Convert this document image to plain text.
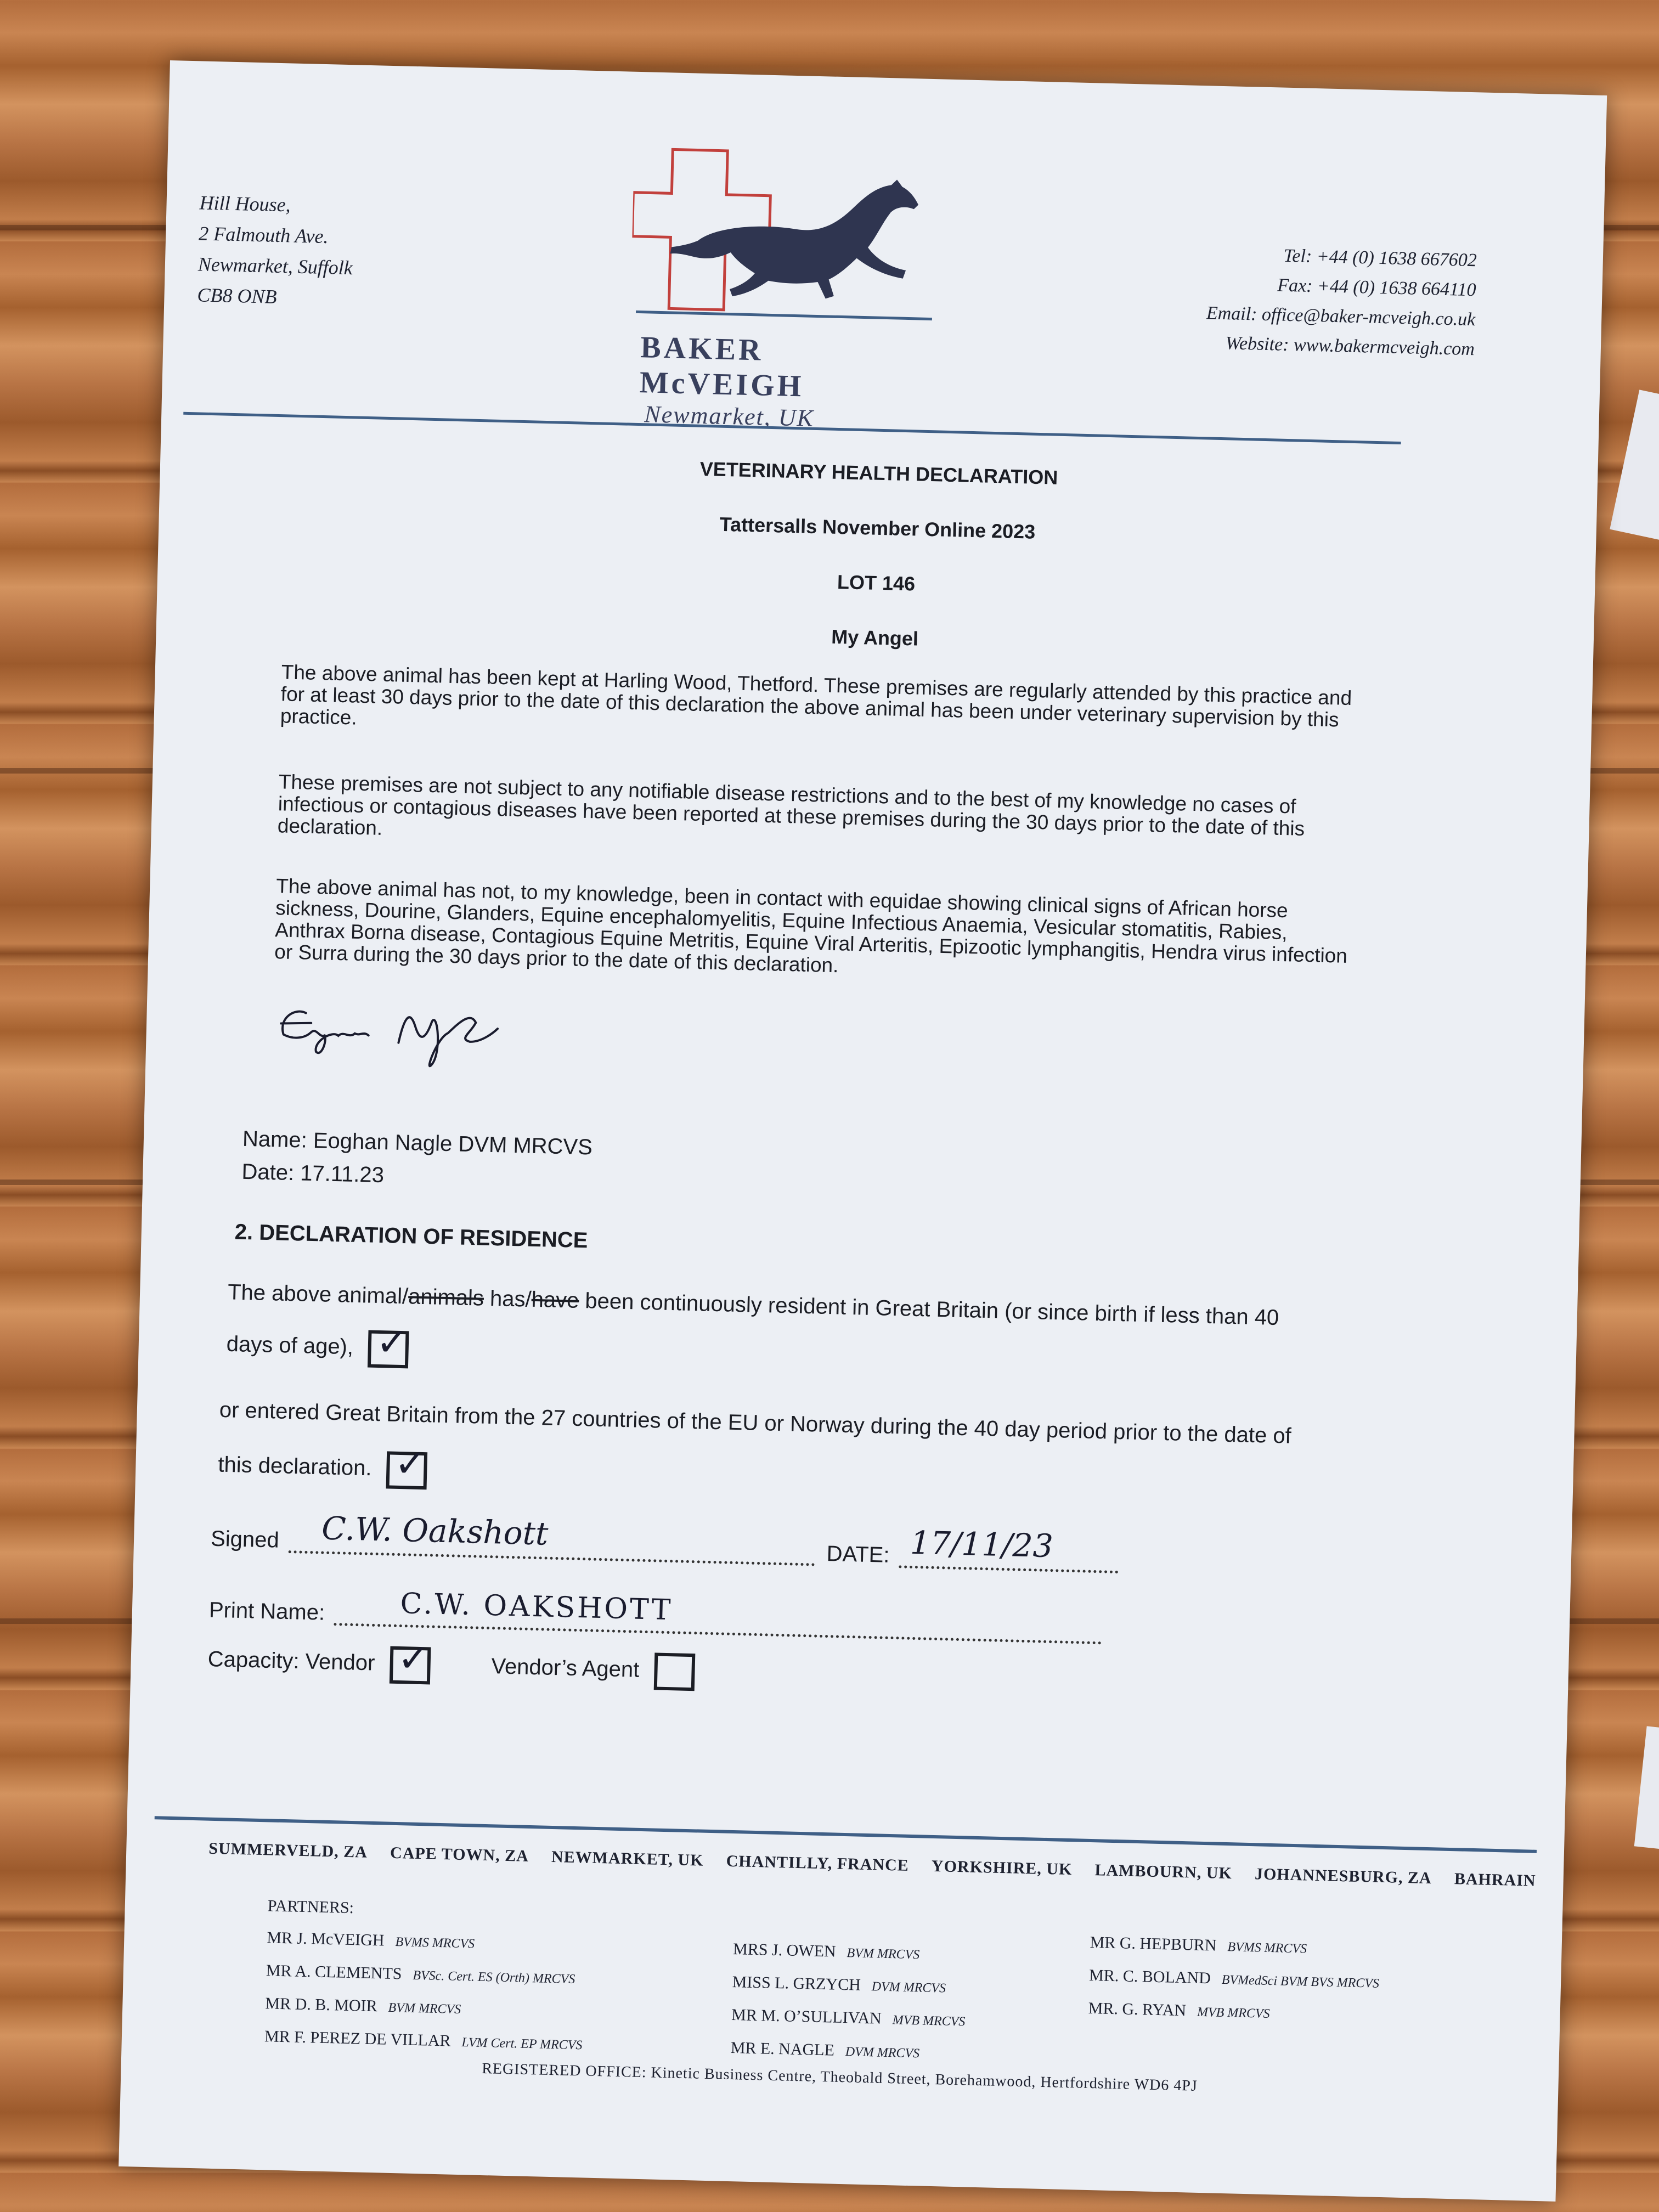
Hill House,
2 Falmouth Ave.
Newmarket, Suffolk
CB8 ONB
BAKER McVEIGH
Newmarket, UK
Tel: +44 (0) 1638 667602
Fax: +44 (0) 1638 664110
Email: office@baker-mcveigh.co.uk
Website: www.bakermcveigh.com
VETERINARY HEALTH DECLARATION
Tattersalls November Online 2023
LOT 146
My Angel
The above animal has been kept at Harling Wood, Thetford. These premises are regularly attended by this practice and for at least 30 days prior to the date of this declaration the above animal has been under veterinary supervision by this practice.
These premises are not subject to any notifiable disease restrictions and to the best of my knowledge no cases of infectious or contagious diseases have been reported at these premises during the 30 days prior to the date of this declaration.
The above animal has not, to my knowledge, been in contact with equidae showing clinical signs of African horse sickness, Dourine, Glanders, Equine encephalomyelitis, Equine Infectious Anaemia, Vesicular stomatitis, Rabies, Anthrax Borna disease, Contagious Equine Metritis, Equine Viral Arteritis, Epizootic lymphangitis, Hendra virus infection or Surra during the 30 days prior to the date of this declaration.
Name: Eoghan Nagle DVM MRCVS
Date: 17.11.23
2. DECLARATION OF RESIDENCE
The above animal/animals has/have been continuously resident in Great Britain (or since birth if less than 40
days of age), ✓
or entered Great Britain from the 27 countries of the EU or Norway during the 40 day period prior to the date of
this declaration. ✓
Signed C.W. Oakshott
DATE: 17/11/23
Print Name:	C.W. OAKSHOTT
Capacity: Vendor ✓	Vendor’s Agent
SUMMERVELD, ZA CAPE TOWN, ZA NEWMARKET, UK CHANTILLY, FRANCE YORKSHIRE, UK LAMBOURN, UK JOHANNESBURG, ZA BAHRAIN
PARTNERS:
MR J. McVEIGH BVMS MRCVS
MR A. CLEMENTS BVSc. Cert. ES (Orth) MRCVS
MR D. B. MOIR BVM MRCVS
MR F. PEREZ DE VILLAR LVM Cert. EP MRCVS
MRS J. OWEN BVM MRCVS
MISS L. GRZYCH DVM MRCVS
MR M. O’SULLIVAN MVB MRCVS
MR E. NAGLE DVM MRCVS
MR G. HEPBURN BVMS MRCVS
MR. C. BOLAND BVMedSci BVM BVS MRCVS
MR. G. RYAN MVB MRCVS
REGISTERED OFFICE: Kinetic Business Centre, Theobald Street, Borehamwood, Hertfordshire WD6 4PJ
